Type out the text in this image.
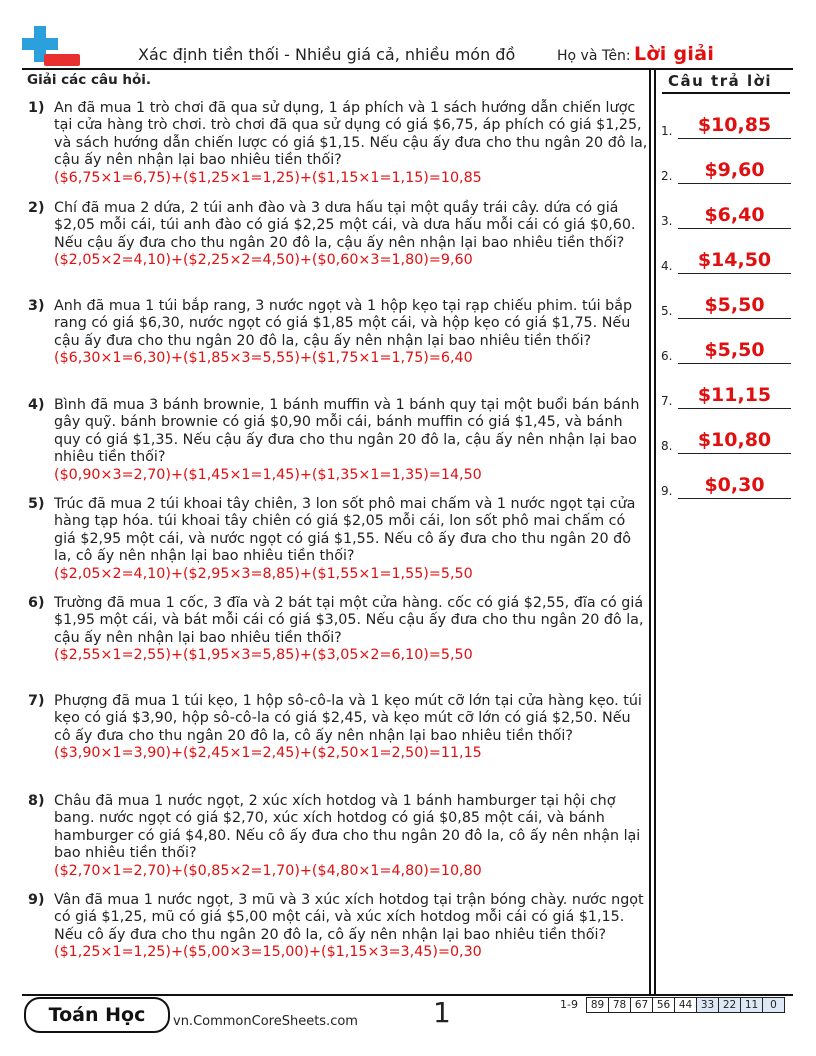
Xác định tiền thối - Nhiều giá cả, nhiều món đồ	Họ và Tên: Lời giải
Giải các câu hỏi.	Câu trả lời
1) An đã mua 1 trò chơi đã qua sử dụng, 1 áp phích và 1 sách hướng dẫn chiến lược tại cửa hàng trò chơi. trò chơi đã qua sử dụng có giá $6,75, áp phích có giá $1,25, và sách hướng dẫn chiến lược có giá $1,15. Nếu cậu ấy đưa cho thu ngân 20 đô la, cậu ấy nên nhận lại bao nhiêu tiền thối?
($6,75×1=6,75)+($1,25×1=1,25)+($1,15×1=1,15)=10,85
2) Chí đã mua 2 dứa, 2 túi anh đào và 3 dưa hấu tại một quầy trái cây. dứa có giá $2,05 mỗi cái, túi anh đào có giá $2,25 một cái, và dưa hấu mỗi cái có giá $0,60. Nếu cậu ấy đưa cho thu ngân 20 đô la, cậu ấy nên nhận lại bao nhiêu tiền thối?
($2,05×2=4,10)+($2,25×2=4,50)+($0,60×3=1,80)=9,60
3) Anh đã mua 1 túi bắp rang, 3 nước ngọt và 1 hộp kẹo tại rạp chiếu phim. túi bắp rang có giá $6,30, nước ngọt có giá $1,85 một cái, và hộp kẹo có giá $1,75. Nếu cậu ấy đưa cho thu ngân 20 đô la, cậu ấy nên nhận lại bao nhiêu tiền thối?
($6,30×1=6,30)+($1,85×3=5,55)+($1,75×1=1,75)=6,40
4) Bình đã mua 3 bánh brownie, 1 bánh muffin và 1 bánh quy tại một buổi bán bánh gây quỹ. bánh brownie có giá $0,90 mỗi cái, bánh muffin có giá $1,45, và bánh quy có giá $1,35. Nếu cậu ấy đưa cho thu ngân 20 đô la, cậu ấy nên nhận lại bao nhiêu tiền thối?
($0,90×3=2,70)+($1,45×1=1,45)+($1,35×1=1,35)=14,50
5) Trúc đã mua 2 túi khoai tây chiên, 3 lon sốt phô mai chấm và 1 nước ngọt tại cửa hàng tạp hóa. túi khoai tây chiên có giá $2,05 mỗi cái, lon sốt phô mai chấm có giá $2,95 một cái, và nước ngọt có giá $1,55. Nếu cô ấy đưa cho thu ngân 20 đô la, cô ấy nên nhận lại bao nhiêu tiền thối?
($2,05×2=4,10)+($2,95×3=8,85)+($1,55×1=1,55)=5,50
6) Trường đã mua 1 cốc, 3 đĩa và 2 bát tại một cửa hàng. cốc có giá $2,55, đĩa có giá $1,95 một cái, và bát mỗi cái có giá $3,05. Nếu cậu ấy đưa cho thu ngân 20 đô la, cậu ấy nên nhận lại bao nhiêu tiền thối?
($2,55×1=2,55)+($1,95×3=5,85)+($3,05×2=6,10)=5,50
7) Phượng đã mua 1 túi kẹo, 1 hộp sô-cô-la và 1 kẹo mút cỡ lớn tại cửa hàng kẹo. túi kẹo có giá $3,90, hộp sô-cô-la có giá $2,45, và kẹo mút cỡ lớn có giá $2,50. Nếu cô ấy đưa cho thu ngân 20 đô la, cô ấy nên nhận lại bao nhiêu tiền thối?
($3,90×1=3,90)+($2,45×1=2,45)+($2,50×1=2,50)=11,15
8) Châu đã mua 1 nước ngọt, 2 xúc xích hotdog và 1 bánh hamburger tại hội chợ bang. nước ngọt có giá $2,70, xúc xích hotdog có giá $0,85 một cái, và bánh hamburger có giá $4,80. Nếu cô ấy đưa cho thu ngân 20 đô la, cô ấy nên nhận lại bao nhiêu tiền thối?
($2,70×1=2,70)+($0,85×2=1,70)+($4,80×1=4,80)=10,80
9) Vân đã mua 1 nước ngọt, 3 mũ và 3 xúc xích hotdog tại trận bóng chày. nước ngọt có giá $1,25, mũ có giá $5,00 một cái, và xúc xích hotdog mỗi cái có giá $1,15. Nếu cô ấy đưa cho thu ngân 20 đô la, cô ấy nên nhận lại bao nhiêu tiền thối?
($1,25×1=1,25)+($5,00×3=15,00)+($1,15×3=3,45)=0,30
1.	$10,85
2.	$9,60
3.	$6,40
4.	$14,50
5.	$5,50
6.	$5,50
7.	$11,15
8.	$10,80
9.	$0,30
Toán Học	vn.CommonCoreSheets.com	1	1-9	89 78 67 56 44 33 22 11	0
